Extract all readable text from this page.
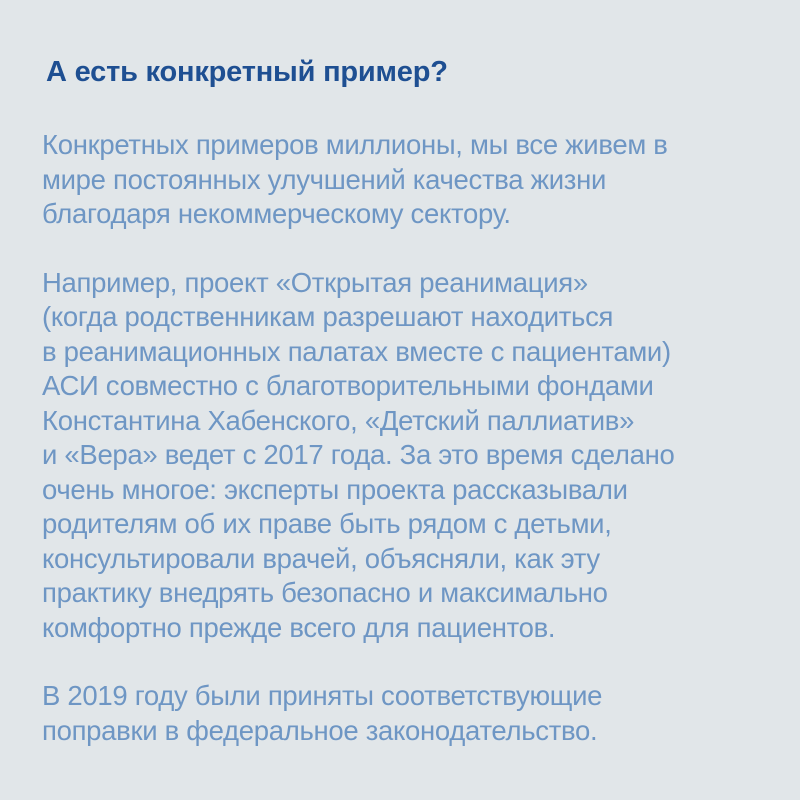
А есть конкретный пример?

Конкретных примеров миллионы, мы все живем в
мире постоянных улучшений качества жизни
благодаря некоммерческому сектору.

Например, проект «Открытая реанимация»
(когда родственникам разрешают находиться
в реанимационных палатах вместе с пациентами)
АСИ совместно с благотворительными фондами
Константина Хабенского, «Детский паллиатив»
и «Вера» ведет с 2017 года. За это время сделано
очень многое: эксперты проекта рассказывали
родителям об их праве быть рядом с детьми,
консультировали врачей, объясняли, как эту
практику внедрять безопасно и максимально
комфортно прежде всего для пациентов.

В 2019 году были приняты соответствующие
поправки в федеральное законодательство.
